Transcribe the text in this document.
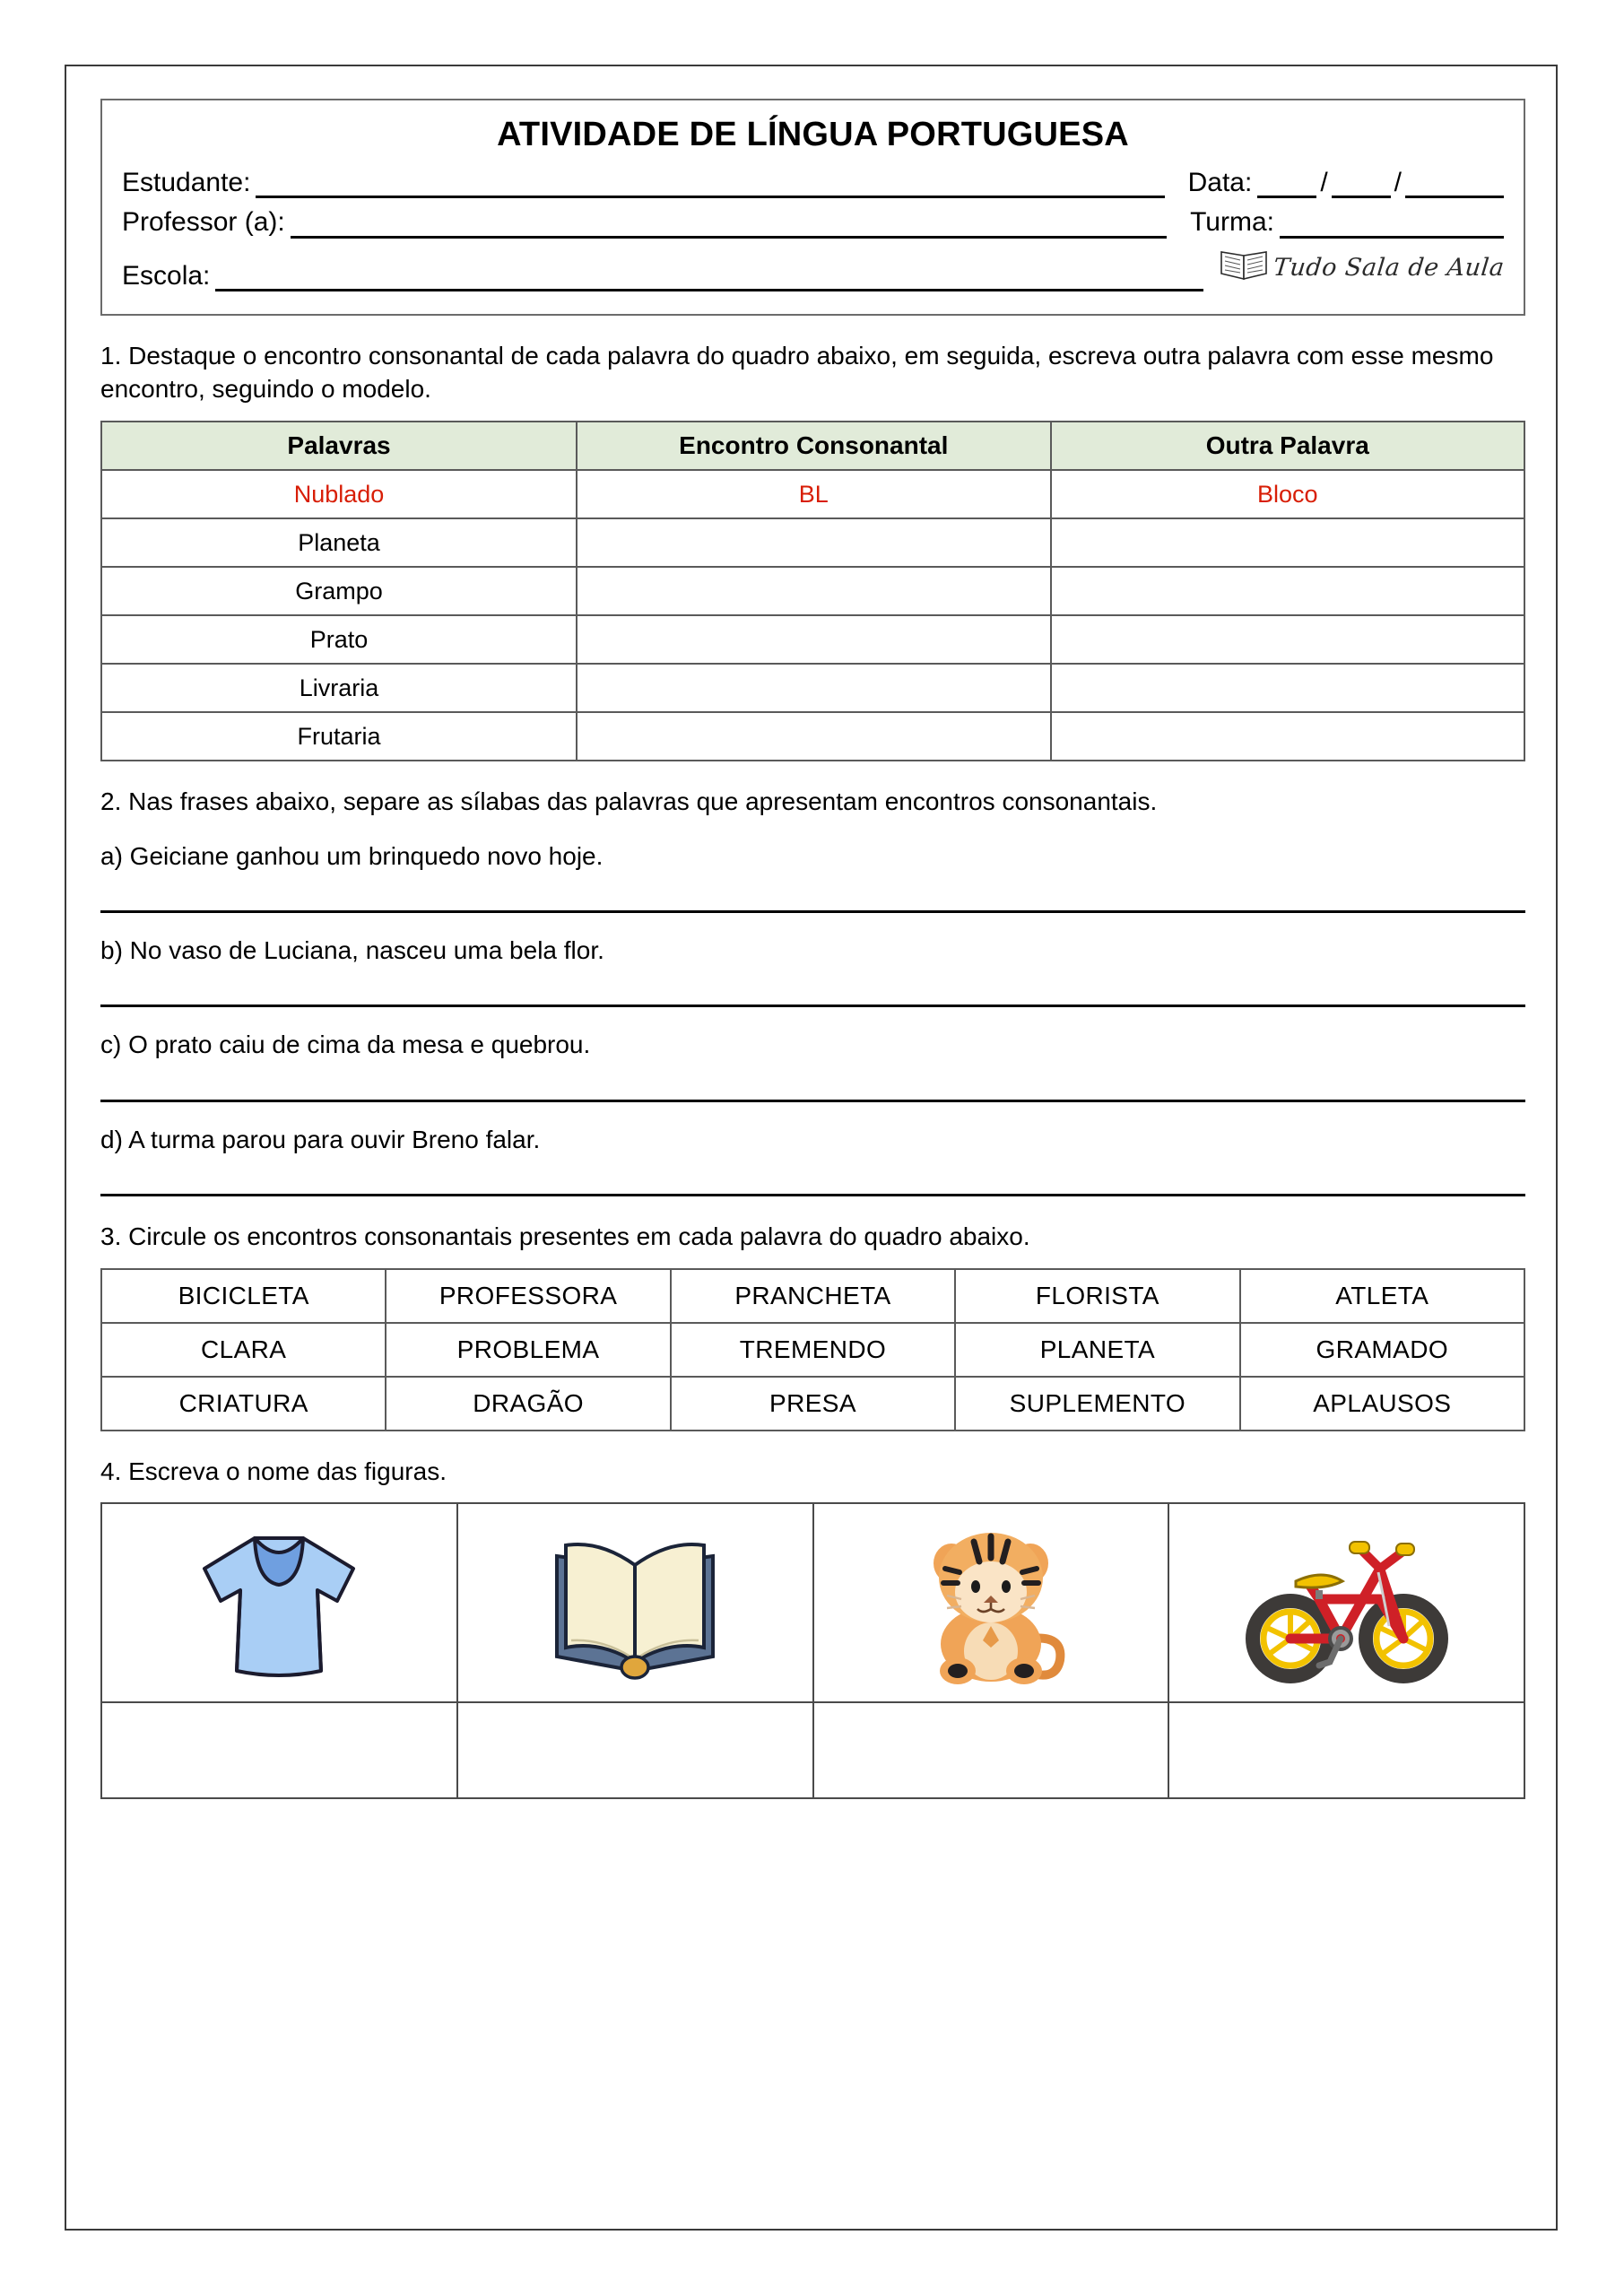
ATIVIDADE DE LÍNGUA PORTUGUESA
Estudante:	Data:	/ /
Professor (a):	Turma:
Escola:	Tudo Sala de Aula
1. Destaque o encontro consonantal de cada palavra do quadro abaixo, em seguida, escreva outra palavra com esse mesmo encontro, seguindo o modelo.
Palavras	Encontro Consonantal	Outra Palavra
Nublado	BL	Bloco
Planeta		
Grampo		
Prato		
Livraria		
Frutaria		
2. Nas frases abaixo, separe as sílabas das palavras que apresentam encontros consonantais.
a) Geiciane ganhou um brinquedo novo hoje.
b) No vaso de Luciana, nasceu uma bela flor.
c) O prato caiu de cima da mesa e quebrou.
d) A turma parou para ouvir Breno falar.
3. Circule os encontros consonantais presentes em cada palavra do quadro abaixo.
BICICLETA	PROFESSORA	PRANCHETA	FLORISTA	ATLETA
CLARA	PROBLEMA	TREMENDO	PLANETA	GRAMADO
CRIATURA	DRAGÃO	PRESA	SUPLEMENTO	APLAUSOS
4. Escreva o nome das figuras.
